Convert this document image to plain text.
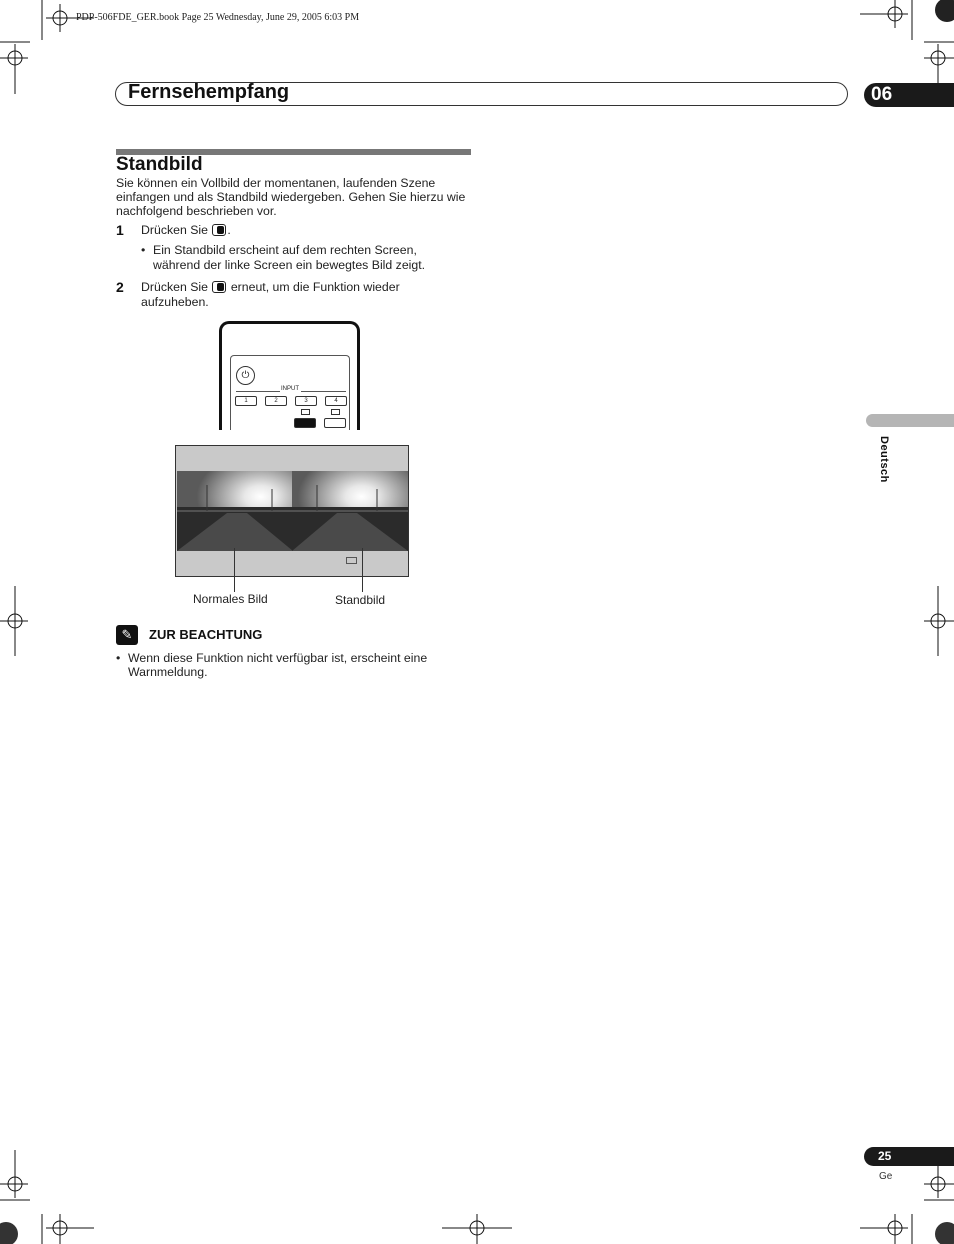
PDP-506FDE_GER.book Page 25 Wednesday, June 29, 2005 6:03 PM
Fernsehempfang	06
Standbild
Sie können ein Vollbild der momentanen, laufenden Szene einfangen und als Standbild wiedergeben. Gehen Sie hierzu wie nachfolgend beschrieben vor.
1 Drücken Sie .
• Ein Standbild erscheint auf dem rechten Screen, während der linke Screen ein bewegtes Bild zeigt.
2 Drücken Sie erneut, um die Funktion wieder aufzuheben.
⏻
INPUT
1	2	3	4
Normales Bild	Standbild
✎	ZUR BEACHTUNG
• Wenn diese Funktion nicht verfügbar ist, erscheint eine Warnmeldung.
Deutsch
25
Ge
